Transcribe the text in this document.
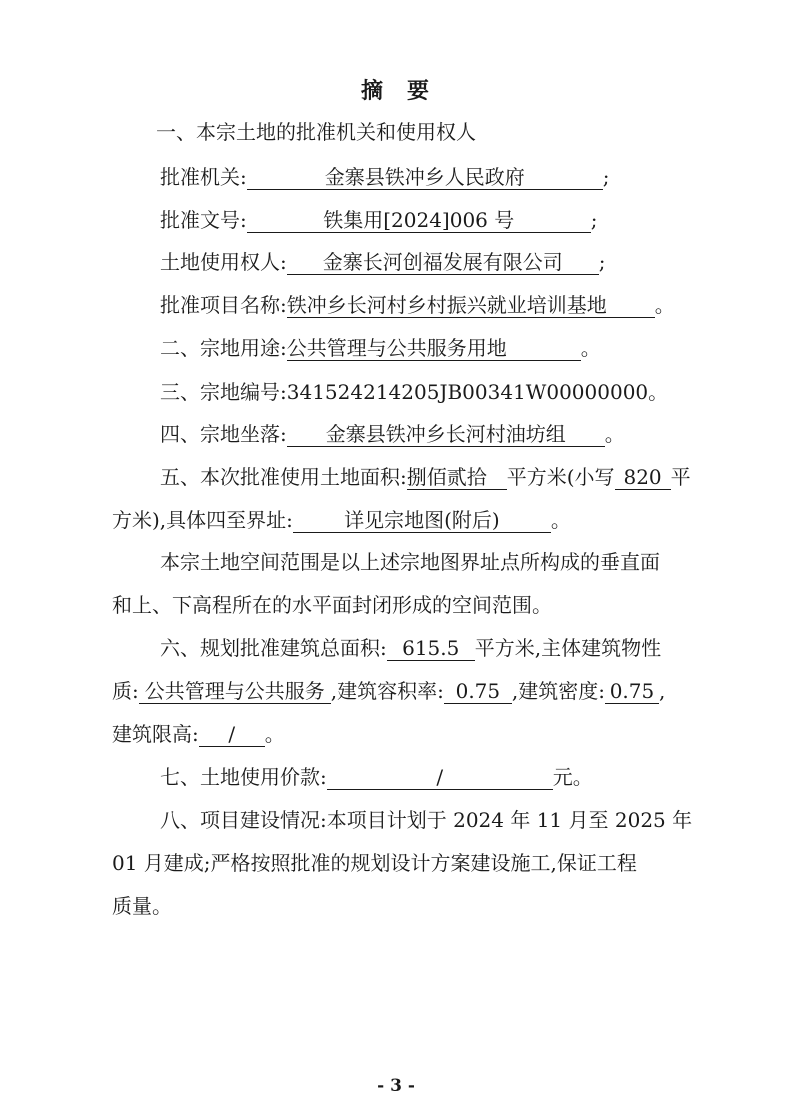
摘 要
一、本宗土地的批准机关和使用权人
批准机关:	金寨县铁冲乡人民政府	;
批准文号:	铁集用[2024]006 号	;
土地使用权人: 金寨长河创福发展有限公司 ;
批准项目名称:铁冲乡长河村乡村振兴就业培训基地 。
二、宗地用途:公共管理与公共服务用地	。
三、宗地编号:341524214205JB00341W00000000。
四、宗地坐落: 金寨县铁冲乡长河村油坊组 。
五、本次批准使用土地面积:捌佰贰拾 平方米(小写 820 平
方米),具体四至界址:	详见宗地图(附后)	。
本宗土地空间范围是以上述宗地图界址点所构成的垂直面
和上、下高程所在的水平面封闭形成的空间范围。
六、规划批准建筑总面积: 615.5 平方米,主体建筑物性
质: 公共管理与公共服务 ,建筑容积率: 0.75 ,建筑密度: 0.75 ,
建筑限高: / 。
七、土地使用价款:	/	元。
八、项目建设情况:本项目计划于 2024 年 11 月至 2025 年
01 月建成;严格按照批准的规划设计方案建设施工,保证工程
质量。
- 3 -
